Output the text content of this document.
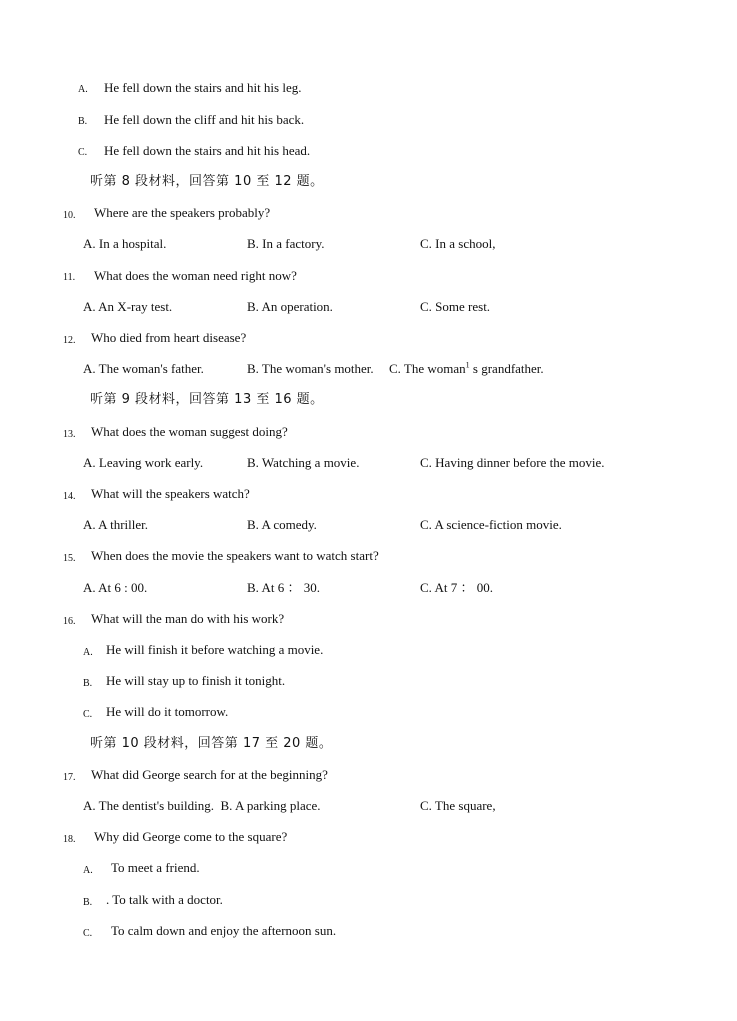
A. He fell down the stairs and hit his leg.
B. He fell down the cliff and hit his back.
C. He fell down the stairs and hit his head.
听第 8 段材料，回答第 10 至 12 题。
10. Where are the speakers probably?
A. In a hospital.	B. In a factory.	C. In a school,
11. What does the woman need right now?
A. An X-ray test.	B. An operation.	C. Some rest.
12. Who died from heart disease?
A. The woman's father.	B. The woman's mother. C. The woman$^1$ s grandfather.
听第 9 段材料，回答第 13 至 16 题。
13. What does the woman suggest doing?
A. Leaving work early.	B. Watching a movie.	C. Having dinner before the movie.
14. What will the speakers watch?
A. A thriller.	B. A comedy.	C. A science-fiction movie.
15. When does the movie the speakers want to watch start?
A. At 6 : 00.	B. At 6 ： 30.	C. At 7 ： 00.
16. What will the man do with his work?
A. He will finish it before watching a movie.
B. He will stay up to finish it tonight.
C. He will do it tomorrow.
听第 10 段材料，回答第 17 至 20 题。
17. What did George search for at the beginning?
A. The dentist's building.  B. A parking place.	C. The square,
18. Why did George come to the square?
A. To meet a friend.
B. . To talk with a doctor.
C. To calm down and enjoy the afternoon sun.
